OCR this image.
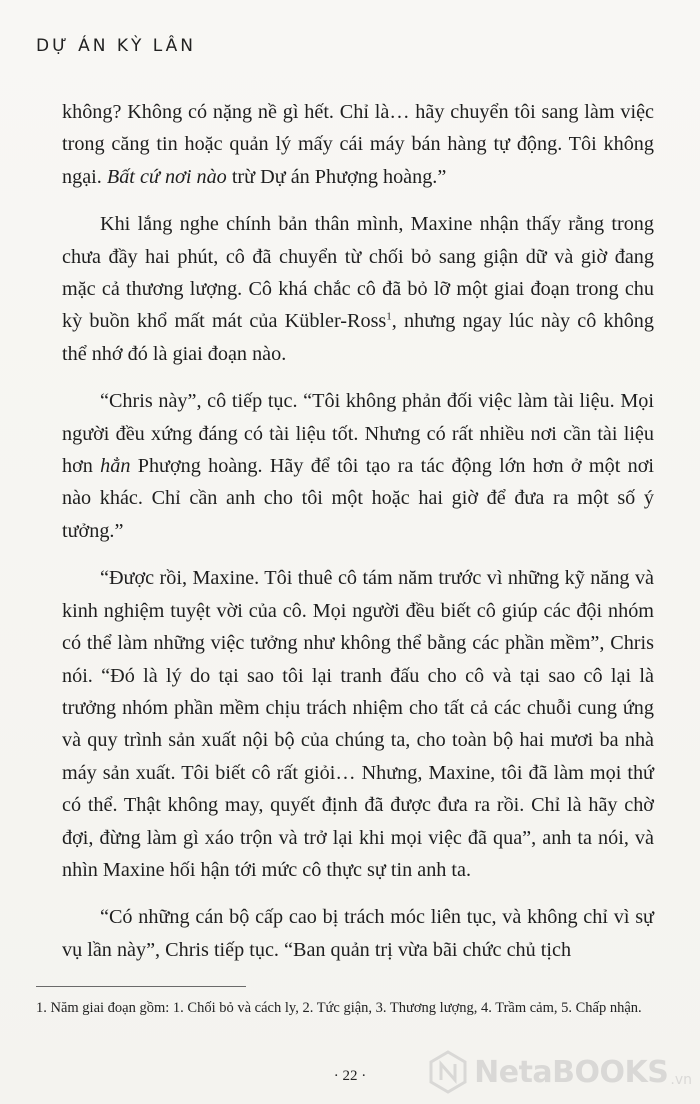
DỰ ÁN KỲ LÂN

không? Không có nặng nề gì hết. Chỉ là… hãy chuyển tôi sang làm việc trong căng tin hoặc quản lý mấy cái máy bán hàng tự động. Tôi không ngại. Bất cứ nơi nào trừ Dự án Phượng hoàng.”

Khi lắng nghe chính bản thân mình, Maxine nhận thấy rằng trong chưa đầy hai phút, cô đã chuyển từ chối bỏ sang giận dữ và giờ đang mặc cả thương lượng. Cô khá chắc cô đã bỏ lỡ một giai đoạn trong chu kỳ buồn khổ mất mát của Kübler-Ross$^1$, nhưng ngay lúc này cô không thể nhớ đó là giai đoạn nào.

“Chris này”, cô tiếp tục. “Tôi không phản đối việc làm tài liệu. Mọi người đều xứng đáng có tài liệu tốt. Nhưng có rất nhiều nơi cần tài liệu hơn hẳn Phượng hoàng. Hãy để tôi tạo ra tác động lớn hơn ở một nơi nào khác. Chỉ cần anh cho tôi một hoặc hai giờ để đưa ra một số ý tưởng.”

“Được rồi, Maxine. Tôi thuê cô tám năm trước vì những kỹ năng và kinh nghiệm tuyệt vời của cô. Mọi người đều biết cô giúp các đội nhóm có thể làm những việc tưởng như không thể bằng các phần mềm”, Chris nói. “Đó là lý do tại sao tôi lại tranh đấu cho cô và tại sao cô lại là trưởng nhóm phần mềm chịu trách nhiệm cho tất cả các chuỗi cung ứng và quy trình sản xuất nội bộ của chúng ta, cho toàn bộ hai mươi ba nhà máy sản xuất. Tôi biết cô rất giỏi… Nhưng, Maxine, tôi đã làm mọi thứ có thể. Thật không may, quyết định đã được đưa ra rồi. Chỉ là hãy chờ đợi, đừng làm gì xáo trộn và trở lại khi mọi việc đã qua”, anh ta nói, và nhìn Maxine hối hận tới mức cô thực sự tin anh ta.

“Có những cán bộ cấp cao bị trách móc liên tục, và không chỉ vì sự vụ lần này”, Chris tiếp tục. “Ban quản trị vừa bãi chức chủ tịch

1. Năm giai đoạn gồm: 1. Chối bỏ và cách ly, 2. Tức giận, 3. Thương lượng, 4. Trầm cảm, 5. Chấp nhận.
· 22 ·	NetaBOOKS .vn
